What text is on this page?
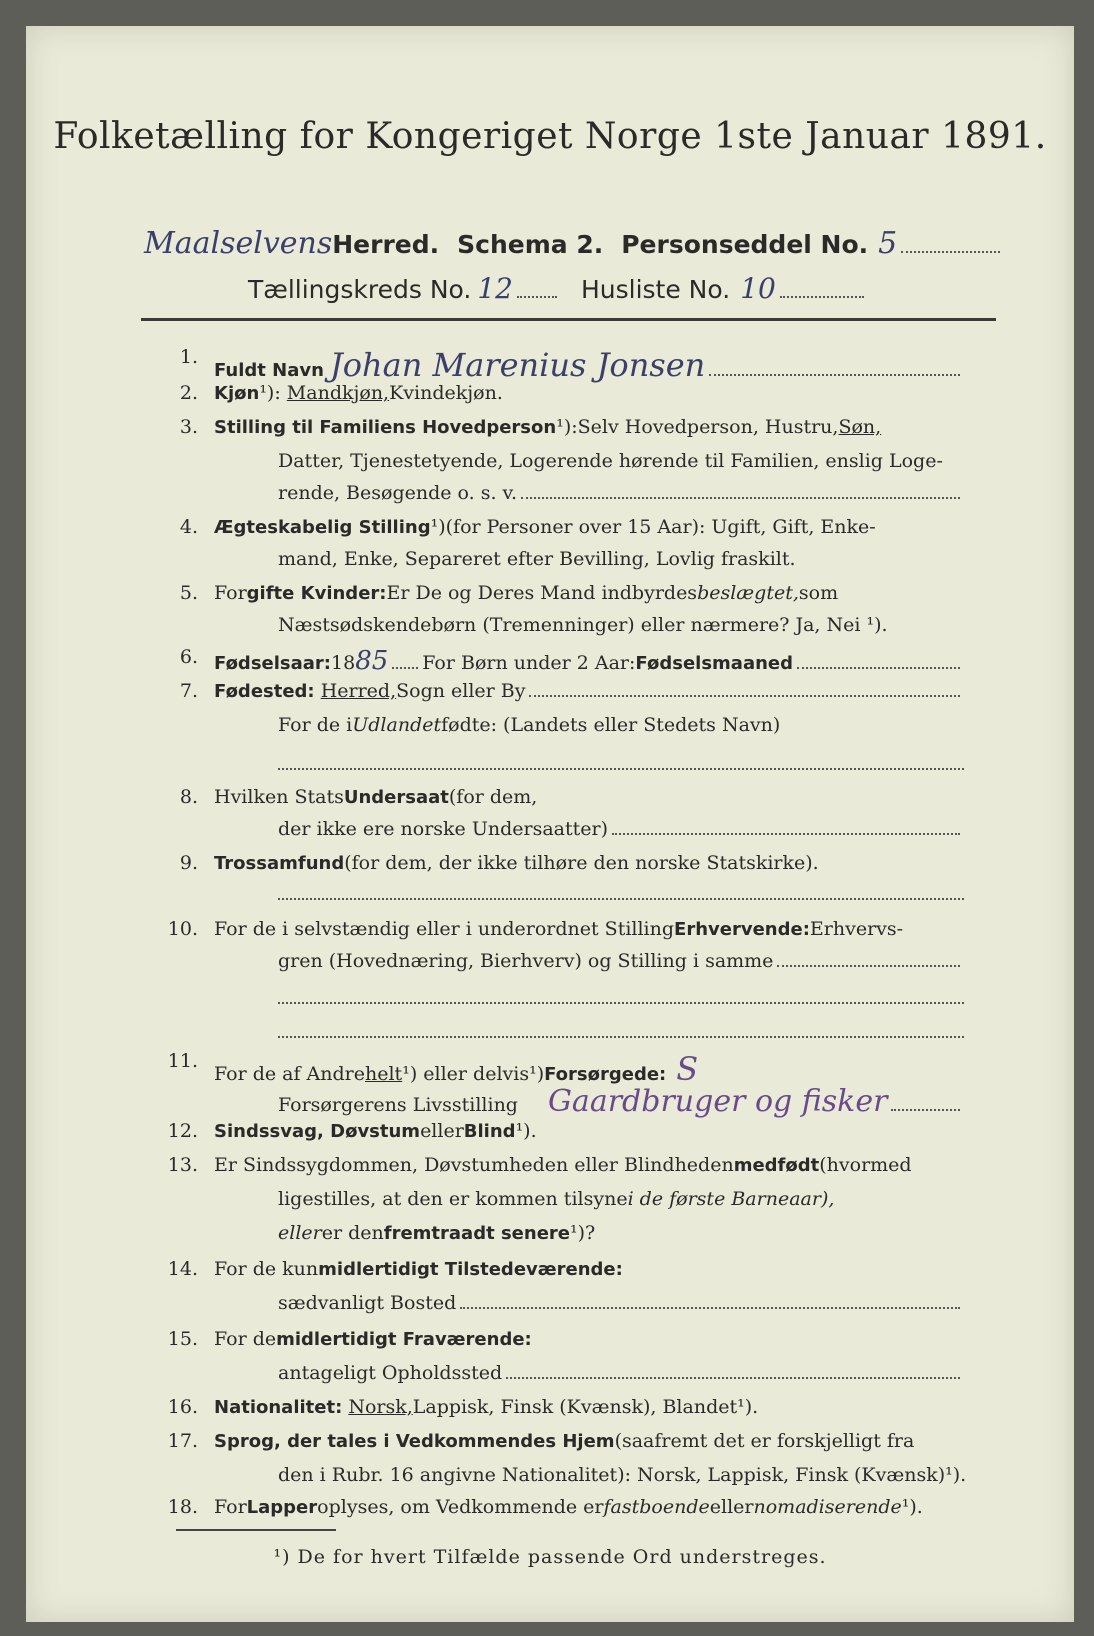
Folketælling for Kongeriget Norge 1ste Januar 1891.
Maalselvens Herred. Schema 2. Personseddel No. 5
Tællingskreds No. 12	Husliste No. 10
1.
Fuldt Navn Johan Marenius Jonsen
2. Kjøn ¹):
Mandkjøn, Kvindekjøn.
3. Stilling til Familiens Hovedperson ¹): Selv Hovedperson, Hustru, Søn,
Datter, Tjenestetyende, Logerende hørende til Familien, enslig Loge-
rende, Besøgende o. s. v.
4. Ægteskabelig Stilling ¹) (for Personer over 15 Aar): Ugift, Gift, Enke-
mand, Enke, Separeret efter Bevilling, Lovlig fraskilt.
5. For gifte Kvinder: Er De og Deres Mand indbyrdes beslægtet, som
Næstsødskendebørn (Tremenninger) eller nærmere? Ja, Nei ¹).
6. Fødselsaar: 18 85 For Børn under 2 Aar: Fødselsmaaned
7. Fødested:
Herred, Sogn eller By
For de i Udlandet fødte: (Landets eller Stedets Navn)
8. Hvilken Stats Undersaat (for dem,
der ikke ere norske Undersaatter)
9. Trossamfund (for dem, der ikke tilhøre den norske Statskirke).
10. For de i selvstændig eller i underordnet Stilling Erhvervende: Erhvervs-
gren (Hovednæring, Bierhverv) og Stilling i samme
11.
For de af Andre helt ¹) eller delvis¹) Forsørgede: S
Forsørgerens Livsstilling Gaardbruger og fisker
12. Sindssvag, Døvstum eller Blind ¹).
13. Er Sindssygdommen, Døvstumheden eller Blindheden medfødt (hvormed
ligestilles, at den er kommen tilsyne i de første Barneaar),
eller er den fremtraadt senere ¹)?
14. For de kun midlertidigt Tilstedeværende:
sædvanligt Bosted
15. For de midlertidigt Fraværende:
antageligt Opholdssted
16. Nationalitet:
Norsk, Lappisk, Finsk (Kvænsk), Blandet¹).
17. Sprog, der tales i Vedkommendes Hjem (saafremt det er forskjelligt fra
den i Rubr. 16 angivne Nationalitet): Norsk, Lappisk, Finsk (Kvænsk)¹).
18. For Lapper oplyses, om Vedkommende er fastboende eller nomadiserende ¹).
¹) De for hvert Tilfælde passende Ord understreges.
